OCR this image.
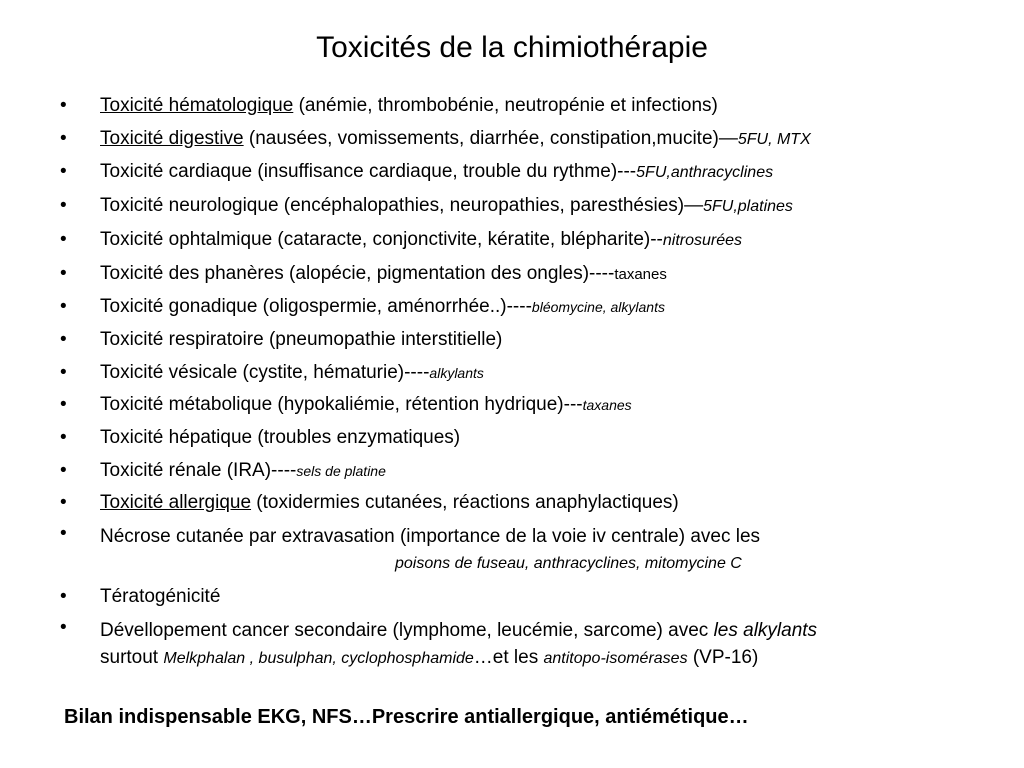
Toxicités de la chimiothérapie
• Toxicité hématologique (anémie, thrombobénie, neutropénie et infections)
• Toxicité digestive (nausées, vomissements, diarrhée, constipation,mucite)—5FU, MTX
• Toxicité cardiaque (insuffisance cardiaque, trouble du rythme)---5FU,anthracyclines
• Toxicité neurologique (encéphalopathies, neuropathies, paresthésies)—5FU,platines
• Toxicité ophtalmique (cataracte, conjonctivite, kératite, blépharite)--nitrosurées
• Toxicité des phanères (alopécie, pigmentation des ongles)----taxanes
• Toxicité gonadique (oligospermie, aménorrhée..)----bléomycine, alkylants
• Toxicité respiratoire (pneumopathie interstitielle)
• Toxicité vésicale (cystite, hématurie)----alkylants
• Toxicité métabolique (hypokaliémie, rétention hydrique)---taxanes
• Toxicité hépatique (troubles enzymatiques)
• Toxicité rénale (IRA)----sels de platine
• Toxicité allergique (toxidermies cutanées, réactions anaphylactiques)
• Nécrose cutanée par extravasation (importance de la voie iv centrale) avec les
poisons de fuseau, anthracyclines, mitomycine C
• Tératogénicité
• Dévellopement cancer secondaire (lymphome, leucémie, sarcome) avec les alkylants
surtout Melkphalan , busulphan, cyclophosphamide…et les antitopo-isomérases (VP-16)
Bilan indispensable EKG, NFS…Prescrire antiallergique, antiémétique…
